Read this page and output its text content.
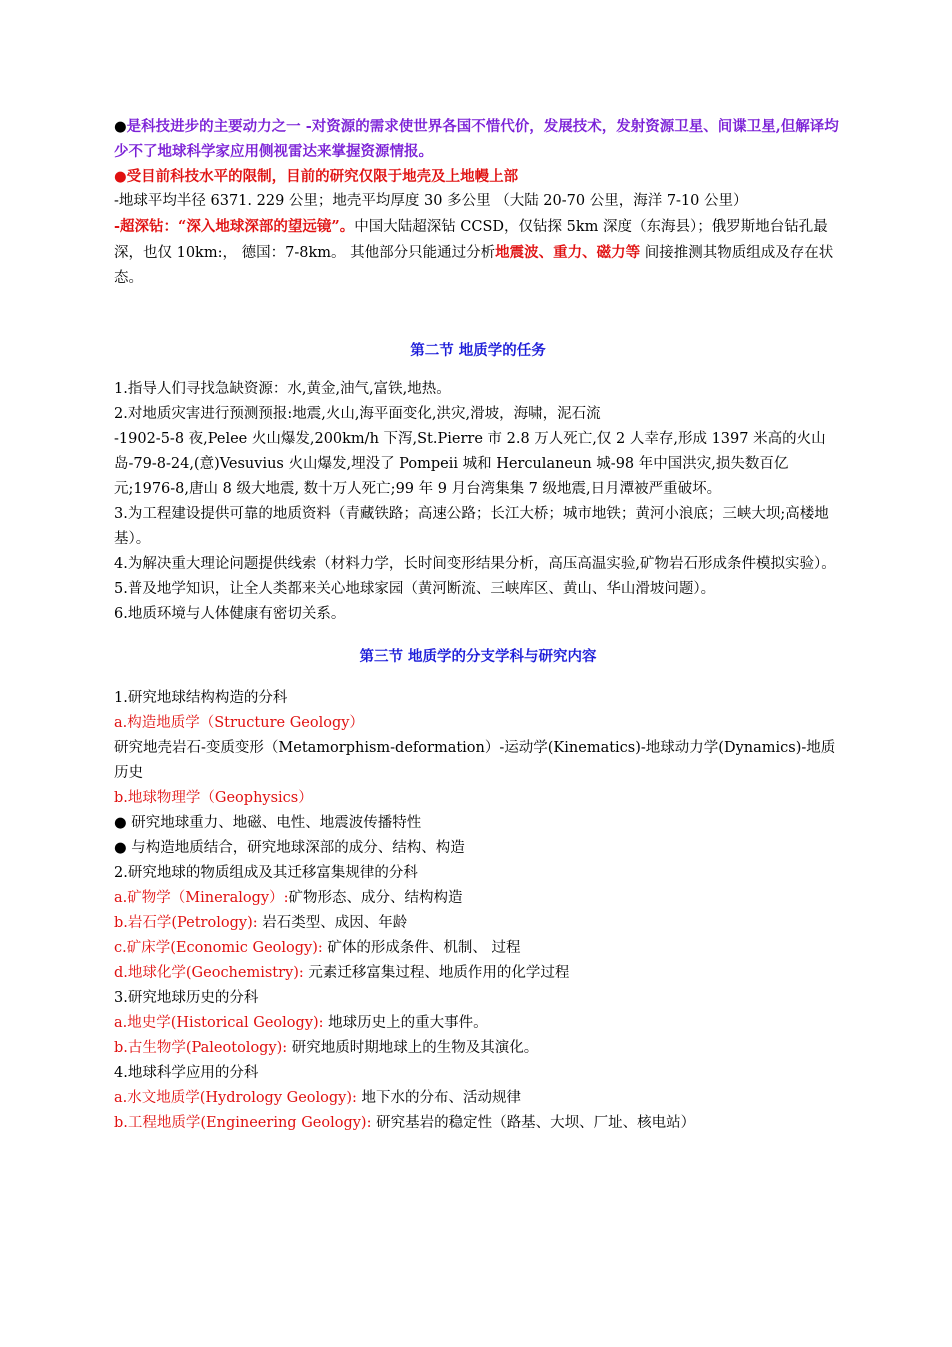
●是科技进步的主要动力之一 -对资源的需求使世界各国不惜代价，发展技术，发射资源卫星、间谍卫星,但解译均少不了地球科学家应用侧视雷达来掌握资源情报。

●受目前科技水平的限制，目前的研究仅限于地壳及上地幔上部

-地球平均半径 6371. 229 公里；地壳平均厚度 30 多公里 （大陆 20-70 公里，海洋 7-10 公里）

-超深钻：“深入地球深部的望远镜”。中国大陆超深钻 CCSD，仅钻探 5km 深度（东海县）；俄罗斯地台钻孔最深，也仅 10km:， 德国：7-8km。 其他部分只能通过分析地震波、重力、磁力等 间接推测其物质组成及存在状态。

第二节 地质学的任务

1.指导人们寻找急缺资源：水,黄金,油气,富铁,地热。

2.对地质灾害进行预测预报:地震,火山,海平面变化,洪灾,滑坡，海啸，泥石流

-1902-5-8 夜,Pelee 火山爆发,200km/h 下泻,St.Pierre 市 2.8 万人死亡,仅 2 人幸存,形成 1397 米高的火山岛-79-8-24,(意)Vesuvius 火山爆发,埋没了 Pompeii 城和 Herculaneun 城-98 年中国洪灾,损失数百亿元;1976-8,唐山 8 级大地震, 数十万人死亡;99 年 9 月台湾集集 7 级地震,日月潭被严重破坏。

3.为工程建设提供可靠的地质资料（青藏铁路；高速公路；长江大桥；城市地铁；黄河小浪底；三峡大坝;高楼地基）。

4.为解决重大理论问题提供线索（材料力学，长时间变形结果分析，高压高温实验,矿物岩石形成条件模拟实验）。

5.普及地学知识，让全人类都来关心地球家园（黄河断流、三峡库区、黄山、华山滑坡问题）。

6.地质环境与人体健康有密切关系。

第三节 地质学的分支学科与研究内容

1.研究地球结构构造的分科

a.构造地质学（Structure Geology）

研究地壳岩石-变质变形（Metamorphism-deformation）-运动学(Kinematics)-地球动力学(Dynamics)-地质历史

b.地球物理学（Geophysics）

● 研究地球重力、地磁、电性、地震波传播特性

● 与构造地质结合，研究地球深部的成分、结构、构造

2.研究地球的物质组成及其迁移富集规律的分科

a.矿物学（Mineralogy）:矿物形态、成分、结构构造

b.岩石学(Petrology): 岩石类型、成因、年龄

c.矿床学(Economic Geology): 矿体的形成条件、机制、 过程

d.地球化学(Geochemistry): 元素迁移富集过程、地质作用的化学过程

3.研究地球历史的分科

a.地史学(Historical Geology): 地球历史上的重大事件。

b.古生物学(Paleotology): 研究地质时期地球上的生物及其演化。

4.地球科学应用的分科

a.水文地质学(Hydrology Geology): 地下水的分布、活动规律

b.工程地质学(Engineering Geology): 研究基岩的稳定性（路基、大坝、厂址、核电站）
